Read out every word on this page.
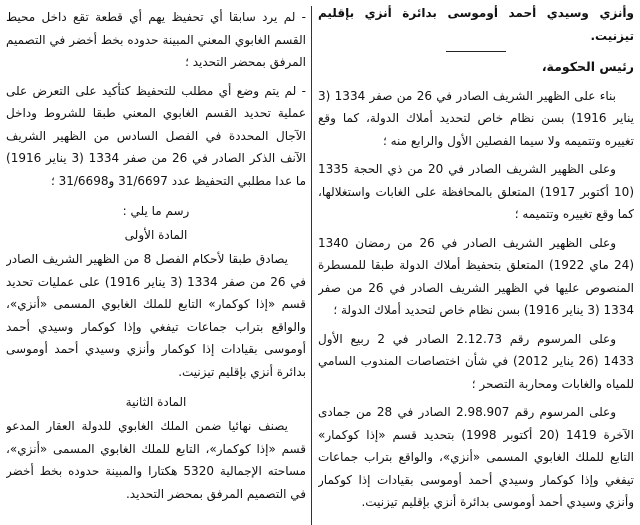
وأنزي وسيدي أحمد أوموسى بدائرة أنزي بإقليم تيزنيت.

رئيس الحكومة،

بناء على الظهير الشريف الصادر في 26 من صفر 1334 (3 يناير 1916) بسن نظام خاص لتحديد أملاك الدولة، كما وقع تغييره وتتميمه ولا سيما الفصلين الأول والرابع منه ؛

وعلى الظهير الشريف الصادر في 20 من ذي الحجة 1335 (10 أكتوبر 1917) المتعلق بالمحافظة على الغابات واستغلالها، كما وقع تغييره وتتميمه ؛

وعلى الظهير الشريف الصادر في 26 من رمضان 1340 (24 ماي 1922) المتعلق بتحفيظ أملاك الدولة طبقا للمسطرة المنصوص عليها في الظهير الشريف الصادر في 26 من صفر 1334 (3 يناير 1916) بسن نظام خاص لتحديد أملاك الدولة ؛

وعلى المرسوم رقم 2.12.73 الصادر في 2 ربيع الأول 1433 (26 يناير 2012) في شأن اختصاصات المندوب السامي للمياه والغابات ومحاربة التصحر ؛

وعلى المرسوم رقم 2.98.907 الصادر في 28 من جمادى الآخرة 1419 (20 أكتوبر 1998) بتحديد قسم «إذا كوكمار» التابع للملك الغابوي المسمى «أنزي»، والواقع بتراب جماعات تيفغي وإذا كوكمار وسيدي أحمد أوموسى بقيادات إذا كوكمار وأنزي وسيدي أحمد أوموسى بدائرة أنزي بإقليم تيزنيت.

- لم يرد سابقا أي تحفيظ يهم أي قطعة تقع داخل محيط القسم الغابوي المعني المبينة حدوده بخط أخضر في التصميم المرفق بمحضر التحديد ؛

- لم يتم وضع أي مطلب للتحفيظ كتأكيد على التعرض على عملية تحديد القسم الغابوي المعني طبقا للشروط وداخل الآجال المحددة في الفصل السادس من الظهير الشريف الآنف الذكر الصادر في 26 من صفر 1334 (3 يناير 1916) ما عدا مطلبي التحفيظ عدد 31/6697 و31/6698 ؛

رسم ما يلي :

المادة الأولى

يصادق طبقا لأحكام الفصل 8 من الظهير الشريف الصادر في 26 من صفر 1334 (3 يناير 1916) على عمليات تحديد قسم «إذا كوكمار» التابع للملك الغابوي المسمى «أنزي»، والواقع بتراب جماعات تيفغي وإذا كوكمار وسيدي أحمد أوموسى بقيادات إذا كوكمار وأنزي وسيدي أحمد أوموسى بدائرة أنزي بإقليم تيزنيت.

المادة الثانية

يصنف نهائيا ضمن الملك الغابوي للدولة العقار المدعو قسم «إذا كوكمار»، التابع للملك الغابوي المسمى «أنزي»، مساحته الإجمالية 5320 هكتارا والمبينة حدوده بخط أخضر في التصميم المرفق بمحضر التحديد.
